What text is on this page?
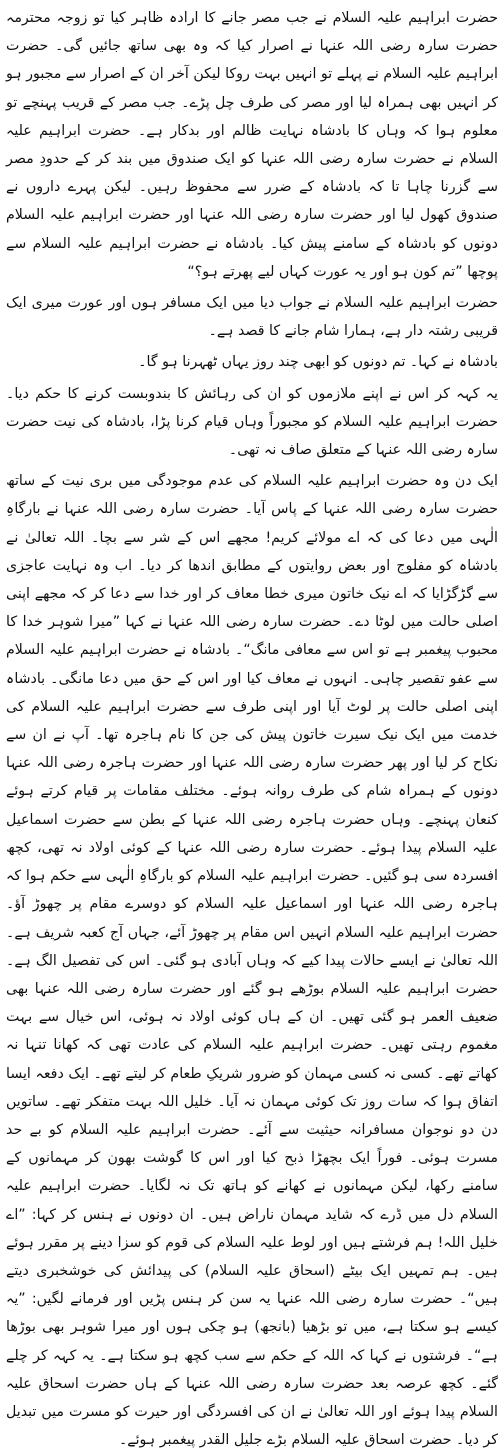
حضرت ابراہیم علیہ السلام نے جب مصر جانے کا ارادہ ظاہر کیا تو زوجہ محترمہ حضرت سارہ رضی اللہ عنہا نے اصرار کیا کہ وہ بھی ساتھ جائیں گی۔ حضرت ابراہیم علیہ السلام نے پہلے تو انہیں بہت روکا لیکن آخر ان کے اصرار سے مجبور ہو کر انہیں بھی ہمراہ لیا اور مصر کی طرف چل پڑے۔ جب مصر کے قریب پہنچے تو معلوم ہوا کہ وہاں کا بادشاہ نہایت ظالم اور بدکار ہے۔ حضرت ابراہیم علیہ السلام نے حضرت سارہ رضی اللہ عنہا کو ایک صندوق میں بند کر کے حدودِ مصر سے گزرنا چاہا تا کہ بادشاہ کے ضرر سے محفوظ رہیں۔ لیکن پہرے داروں نے صندوق کھول لیا اور حضرت سارہ رضی اللہ عنہا اور حضرت ابراہیم علیہ السلام دونوں کو بادشاہ کے سامنے پیش کیا۔ بادشاہ نے حضرت ابراہیم علیہ السلام سے پوچھا ”تم کون ہو اور یہ عورت کہاں لیے پھرتے ہو؟“

حضرت ابراہیم علیہ السلام نے جواب دیا میں ایک مسافر ہوں اور عورت میری ایک قریبی رشتہ دار ہے، ہمارا شام جانے کا قصد ہے۔

بادشاہ نے کہا۔ تم دونوں کو ابھی چند روز یہاں ٹھہرنا ہو گا۔

یہ کہہ کر اس نے اپنے ملازموں کو ان کی رہائش کا بندوبست کرنے کا حکم دیا۔ حضرت ابراہیم علیہ السلام کو مجبوراً وہاں قیام کرنا پڑا، بادشاہ کی نیت حضرت سارہ رضی اللہ عنہا کے متعلق صاف نہ تھی۔

ایک دن وہ حضرت ابراہیم علیہ السلام کی عدم موجودگی میں بری نیت کے ساتھ حضرت سارہ رضی اللہ عنہا کے پاس آیا۔ حضرت سارہ رضی اللہ عنہا نے بارگاہِ الٰہی میں دعا کی کہ اے مولائے کریم! مجھے اس کے شر سے بچا۔ اللہ تعالیٰ نے بادشاہ کو مفلوج اور بعض روایتوں کے مطابق اندھا کر دیا۔ اب وہ نہایت عاجزی سے گڑگڑایا کہ اے نیک خاتون میری خطا معاف کر اور خدا سے دعا کر کہ مجھے اپنی اصلی حالت میں لوٹا دے۔ حضرت سارہ رضی اللہ عنہا نے کہا ”میرا شوہر خدا کا محبوب پیغمبر ہے تو اس سے معافی مانگ“۔ بادشاہ نے حضرت ابراہیم علیہ السلام سے عفو تقصیر چاہی۔ انہوں نے معاف کیا اور اس کے حق میں دعا مانگی۔ بادشاہ اپنی اصلی حالت پر لوٹ آیا اور اپنی طرف سے حضرت ابراہیم علیہ السلام کی خدمت میں ایک نیک سیرت خاتون پیش کی جن کا نام ہاجرہ تھا۔ آپ نے ان سے نکاح کر لیا اور پھر حضرت سارہ رضی اللہ عنہا اور حضرت ہاجرہ رضی اللہ عنہا دونوں کے ہمراہ شام کی طرف روانہ ہوئے۔ مختلف مقامات پر قیام کرتے ہوئے کنعان پہنچے۔ وہاں حضرت ہاجرہ رضی اللہ عنہا کے بطن سے حضرت اسماعیل علیہ السلام پیدا ہوئے۔ حضرت سارہ رضی اللہ عنہا کے کوئی اولاد نہ تھی، کچھ افسردہ سی ہو گئیں۔ حضرت ابراہیم علیہ السلام کو بارگاہِ الٰہی سے حکم ہوا کہ ہاجرہ رضی اللہ عنہا اور اسماعیل علیہ السلام کو دوسرے مقام پر چھوڑ آؤ۔ حضرت ابراہیم علیہ السلام انہیں اس مقام پر چھوڑ آئے، جہاں آج کعبہ شریف ہے۔ اللہ تعالیٰ نے ایسے حالات پیدا کیے کہ وہاں آبادی ہو گئی۔ اس کی تفصیل الگ ہے۔ حضرت ابراہیم علیہ السلام بوڑھے ہو گئے اور حضرت سارہ رضی اللہ عنہا بھی ضعیف العمر ہو گئی تھیں۔ ان کے ہاں کوئی اولاد نہ ہوئی، اس خیال سے بہت مغموم رہتی تھیں۔ حضرت ابراہیم علیہ السلام کی عادت تھی کہ کھانا تنہا نہ کھاتے تھے۔ کسی نہ کسی مہمان کو ضرور شریکِ طعام کر لیتے تھے۔ ایک دفعہ ایسا اتفاق ہوا کہ سات روز تک کوئی مہمان نہ آیا۔ خلیل اللہ بہت متفکر تھے۔ ساتویں دن دو نوجوان مسافرانہ حیثیت سے آئے۔ حضرت ابراہیم علیہ السلام کو بے حد مسرت ہوئی۔ فوراً ایک بچھڑا ذبح کیا اور اس کا گوشت بھون کر مہمانوں کے سامنے رکھا، لیکن مہمانوں نے کھانے کو ہاتھ تک نہ لگایا۔ حضرت ابراہیم علیہ السلام دل میں ڈرے کہ شاید مہمان ناراض ہیں۔ ان دونوں نے ہنس کر کہا: ”اے خلیل اللہ! ہم فرشتے ہیں اور لوط علیہ السلام کی قوم کو سزا دینے پر مقرر ہوئے ہیں۔ ہم تمہیں ایک بیٹے (اسحاق علیہ السلام) کی پیدائش کی خوشخبری دیتے ہیں“۔ حضرت سارہ رضی اللہ عنہا یہ سن کر ہنس پڑیں اور فرمانے لگیں: ”یہ کیسے ہو سکتا ہے، میں تو بڑھیا (بانجھ) ہو چکی ہوں اور میرا شوہر بھی بوڑھا ہے“۔ فرشتوں نے کہا کہ اللہ کے حکم سے سب کچھ ہو سکتا ہے۔ یہ کہہ کر چلے گئے۔ کچھ عرصہ بعد حضرت سارہ رضی اللہ عنہا کے ہاں حضرت اسحاق علیہ السلام پیدا ہوئے اور اللہ تعالیٰ نے ان کی افسردگی اور حیرت کو مسرت میں تبدیل کر دیا۔ حضرت اسحاق علیہ السلام بڑے جلیل القدر پیغمبر ہوئے۔
